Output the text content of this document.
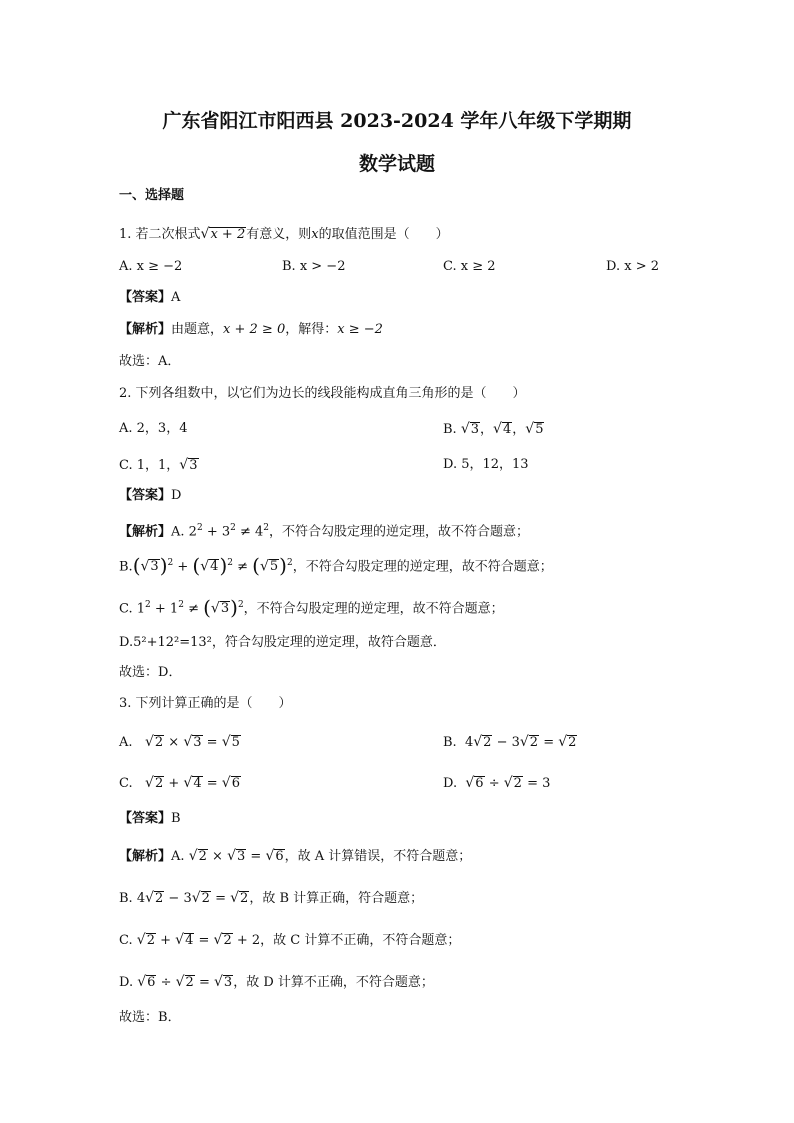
广东省阳江市阳西县 2023-2024 学年八年级下学期期
数学试题
一、选择题
1. 若二次根式√x + 2有意义，则x的取值范围是（　　）
A. x ≥ −2	B. x > −2	C. x ≥ 2	D. x > 2
【答案】A
【解析】由题意，x + 2 ≥ 0，解得：x ≥ −2
故选：A．
2. 下列各组数中，以它们为边长的线段能构成直角三角形的是（　　）
A. 2，3，4	B. √3，√4，√5
C. 1，1，√3	D. 5，12，13
【答案】D
【解析】A. $2^2 + 3^2 \ne 4^2$，不符合勾股定理的逆定理，故不符合题意；
$B.(√3)^2 + (√4)^2 \ne (√5)^2$，不符合勾股定理的逆定理，故不符合题意；
C. $1^2 + 1^2 \ne (√3)^2$，不符合勾股定理的逆定理，故不符合题意；
D.5²+12²=13²，符合勾股定理的逆定理，故符合题意．
故选：D．
3. 下列计算正确的是（　　）
A. √2 × √3 = √5	B.  4√2 − 3√2 = √2
C. √2 + √4 = √6	D. √6 ÷ √2 = 3
【答案】B
【解析】A. √2 × √3 = √6，故 A 计算错误，不符合题意；
B. 4√2 − 3√2 = √2，故 B 计算正确，符合题意；
C. √2 + √4 = √2 + 2，故 C 计算不正确，不符合题意；
D. √6 ÷ √2 = √3，故 D 计算不正确，不符合题意；
故选：B．
